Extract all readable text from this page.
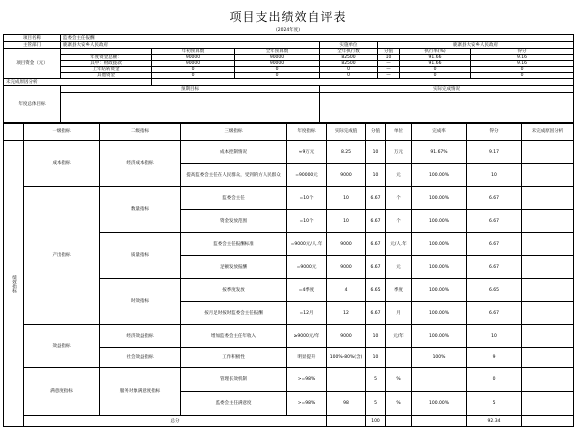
项目支出绩效自评表
(2024年度)
项目名称	监委会主任报酬						
主管部门	鹿寨县大安乡人民政府			实施单位	鹿寨县大安乡人民政府		
项目资金（元）		年初预算数	全年预算数	全年执行数	分值	执行率(%)	得分
	年度资金总额：	90000	90000	82500	10	91.66	9.16
	其中：财政拨款	90000	90000	82500	—	91.66	9.16
	上年结转资金	0	0	0	—	0	0
	其他资金	0	0	0	—	0	0
未完成原因分析							
年度总体目标	预期目标			实际完成情况			

	一级指标	二级指标	三级指标	年度指标	实际完成值	分值	单位	完成率	得分	未完成原因分析
绩效指标	成本指标	经济成本指标	成本控制情况	≈9万元	8.25	10	万元	91.67%	9.17	
			提高监委会主任在人民群众，受到的方人民群众	=90000元	9000	10	元	100.00%	10	
	产出指标	数量指标	监委会主任	=10个	10	6.67	个	100.00%	6.67	
			资金发放范围	=10个	10	6.67	个	100.00%	6.67	
		质量指标	监委会主任报酬标准	=9000元/人.年	9000	6.67	元/人.年	100.00%	6.67	
			足额发放报酬	=9000元	9000	6.67	元	100.00%	6.67	
		时效指标	按季度发放	=4季度	4	6.65	季度	100.00%	6.65	
			按月足时按时监委会主任报酬	=12月	12	6.67	月	100.00%	6.67	
	效益指标	经济效益指标	增加监委会主任年收入	≥9000元/年	9000	10	元/年	100.00%	10	
		社会效益指标	工作积极性	明显提升	100%-80%(含)	10		100%	9	
	满意度指标	服务对象满意度指标	管理长效机制	>=98%		5	%		0	
			监委会主任满意度	>=98%	98	5	%	100.00%	5	
	总分					100			92.34	
